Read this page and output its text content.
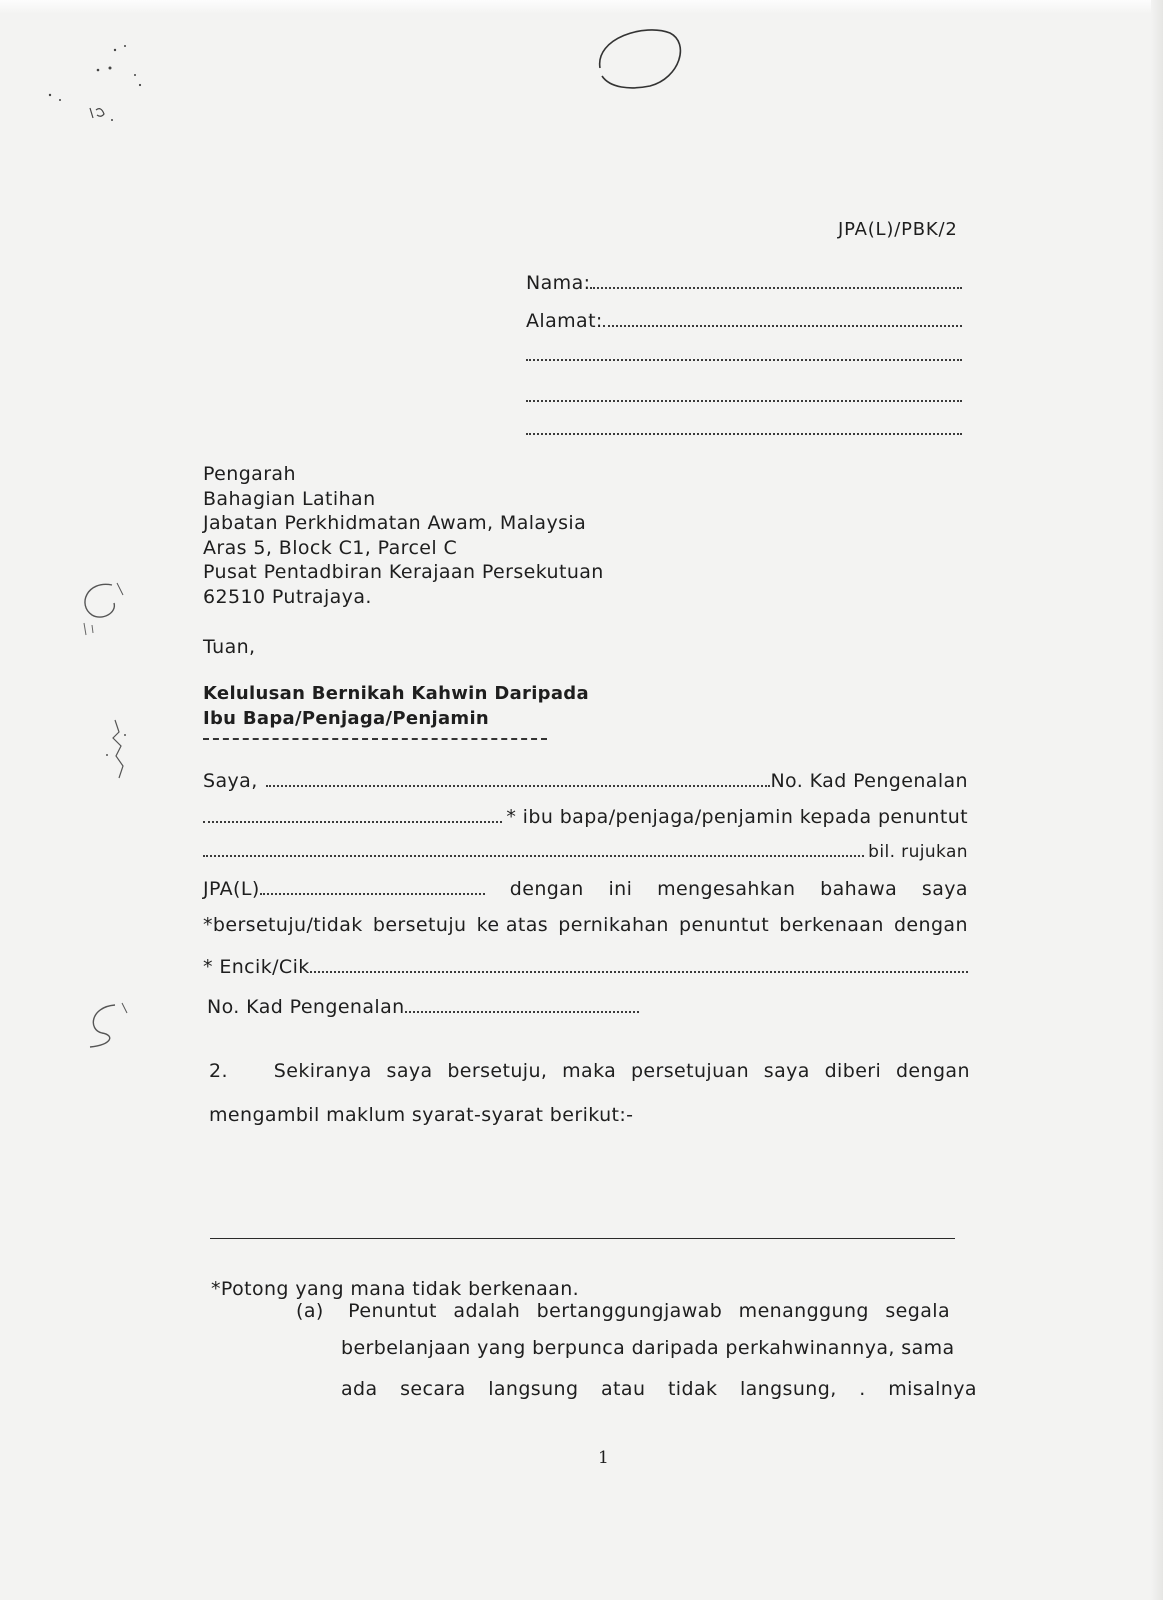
JPA(L)/PBK/2
Nama:
Alamat:
Pengarah
Bahagian Latihan
Jabatan Perkhidmatan Awam, Malaysia
Aras 5, Block C1, Parcel C
Pusat Pentadbiran Kerajaan Persekutuan
62510 Putrajaya.
Tuan,
Kelulusan Bernikah Kahwin Daripada
Ibu Bapa/Penjaga/Penjamin
Saya,	No. Kad Pengenalan
* ibu bapa/penjaga/penjamin kepada penuntut
bil. rujukan
JPA(L)	dengan ini mengesahkan bahawa saya
*bersetuju/tidak bersetuju ke atas pernikahan penuntut berkenaan dengan
* Encik/Cik
No. Kad Pengenalan
2.	Sekiranya saya bersetuju, maka persetujuan saya diberi dengan
mengambil maklum syarat-syarat berikut:-
*Potong yang mana tidak berkenaan.
(a) Penuntut adalah bertanggungjawab menanggung segala
berbelanjaan yang berpunca daripada perkahwinannya, sama
ada secara langsung atau tidak langsung, . misalnya
1
